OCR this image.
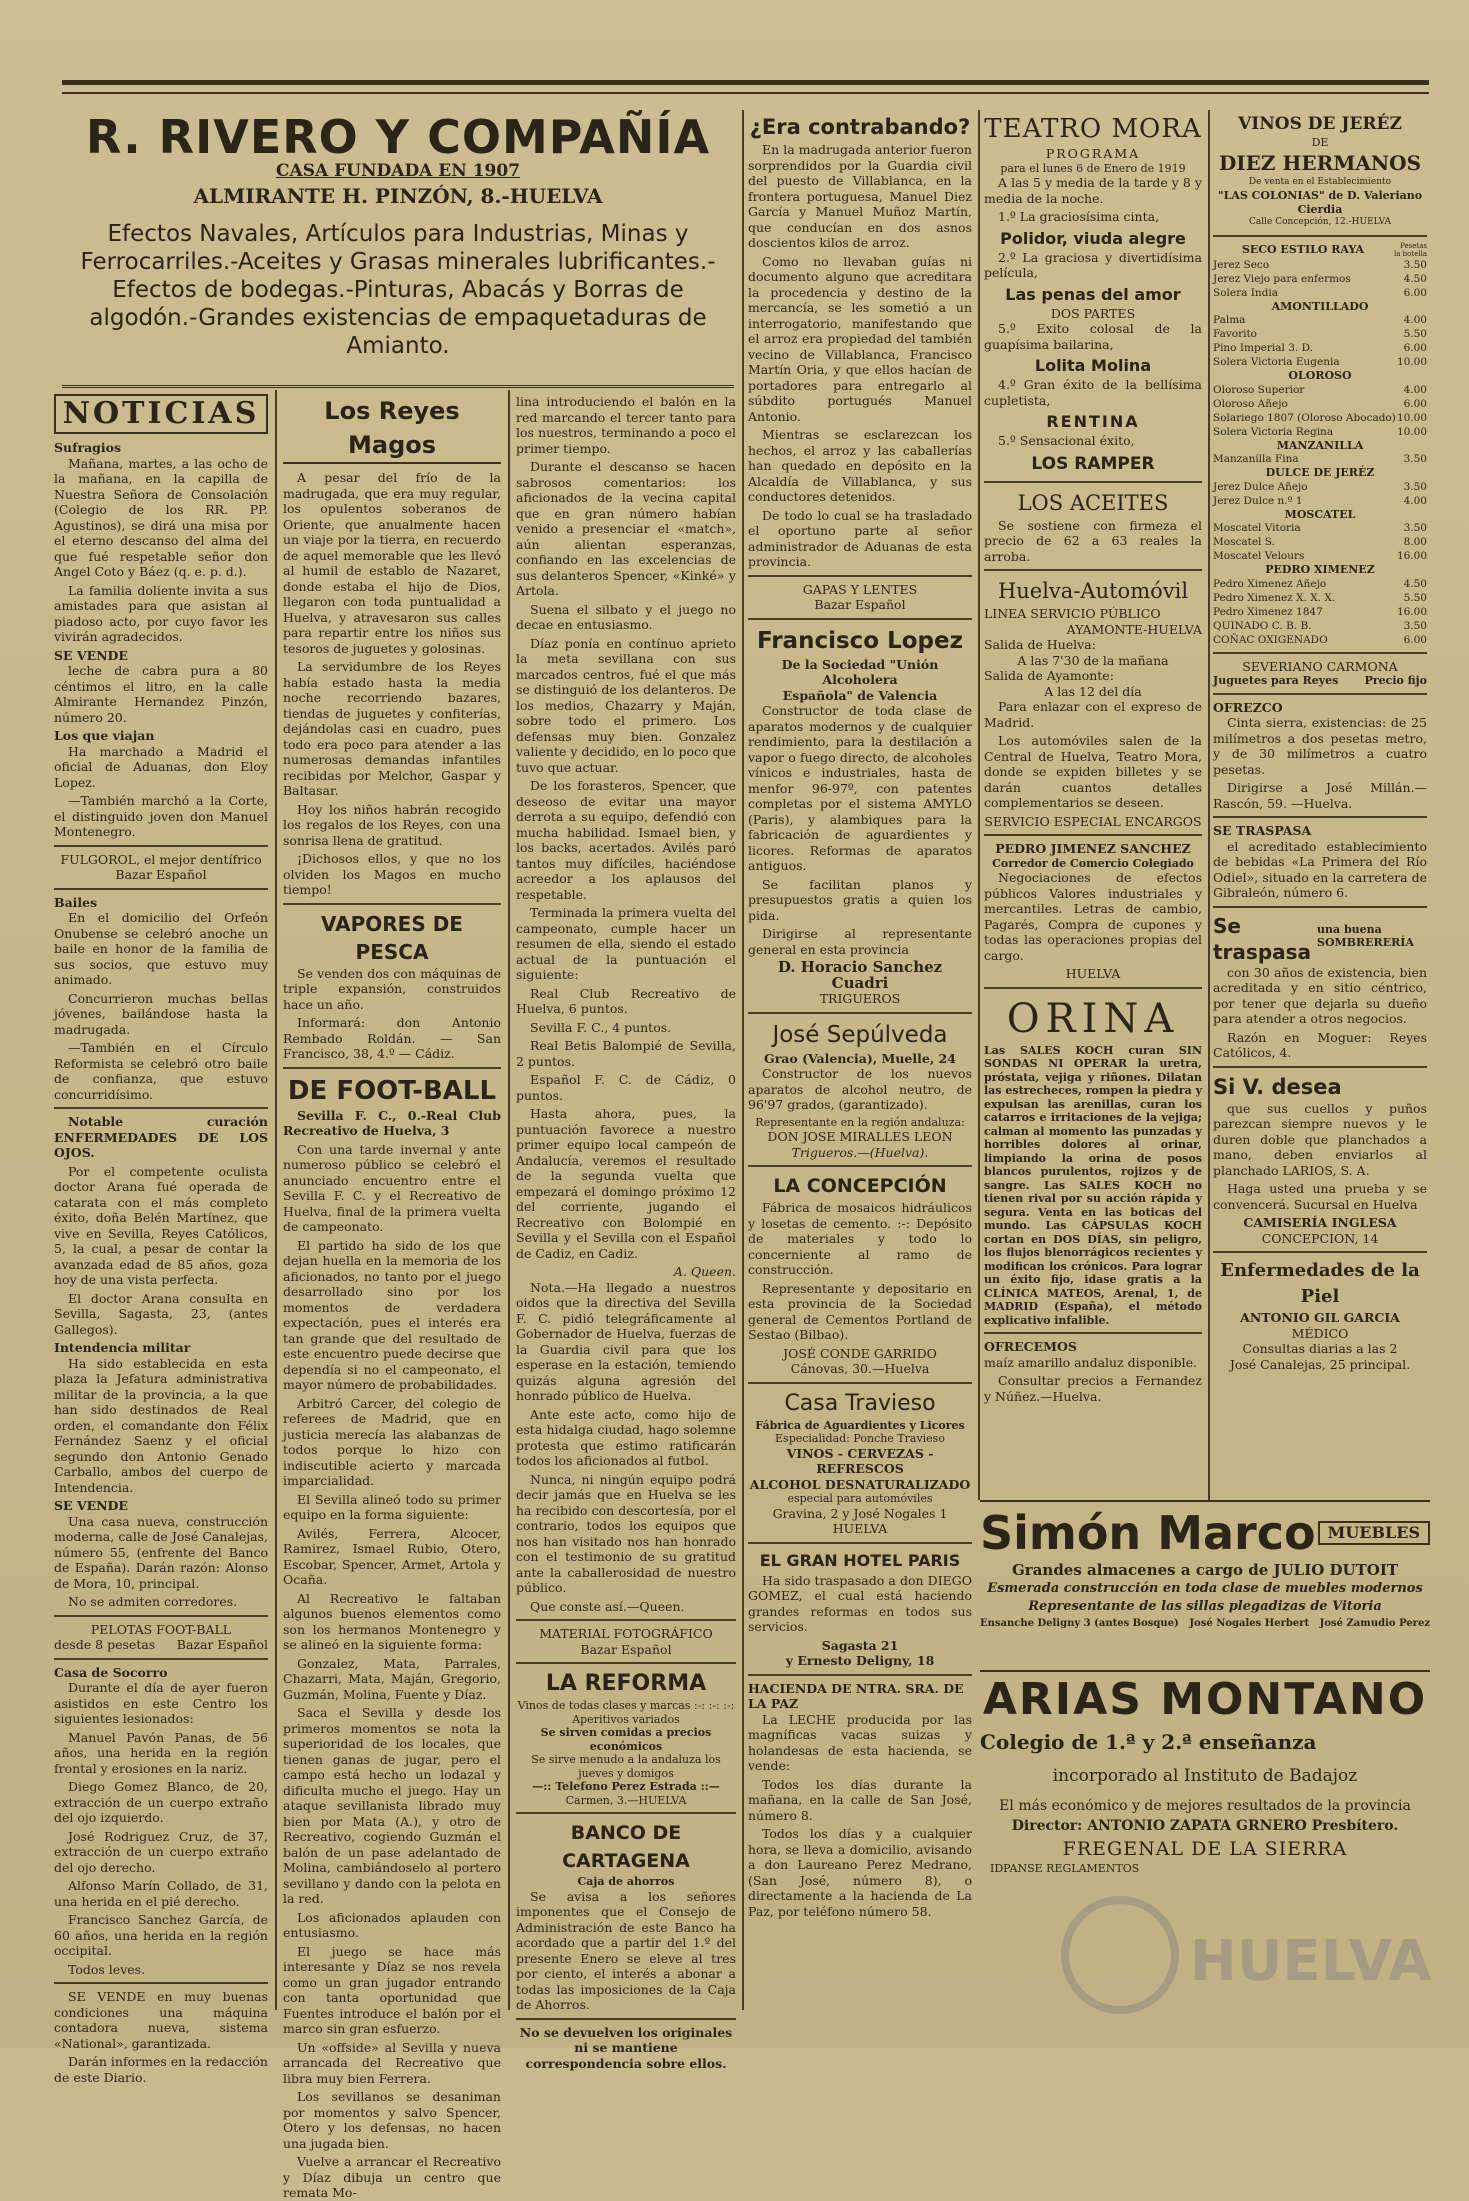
R. RIVERO Y COMPAÑÍA
CASA FUNDADA EN 1907
ALMIRANTE H. PINZÓN, 8.-HUELVA
Efectos Navales, Artículos para Industrias, Minas y Ferrocarriles.-Aceites y Grasas minerales lubrificantes.-Efectos de bodegas.-Pinturas, Abacás y Borras de algodón.-Grandes existencias de empaquetaduras de Amianto.
NOTICIAS
Sufragios

Mañana, martes, a las ocho de la mañana, en la capilla de Nuestra Señora de Consolación (Colegio de los RR. PP. Agustinos), se dirá una misa por el eterno descanso del alma del que fué respetable señor don Angel Coto y Báez (q. e. p. d.).

La familia doliente invita a sus amistades para que asistan al piadoso acto, por cuyo favor les vivirán agradecidos.

SE VENDE

leche de cabra pura a 80 céntimos el litro, en la calle Almirante Hernandez Pinzón, número 20.

Los que viajan

Ha marchado a Madrid el oficial de Aduanas, don Eloy Lopez.

—También marchó a la Corte, el distinguido joven don Manuel Montenegro.

FULGOROL, el mejor dentífrico
Bazar Español
Bailes

En el domicilio del Orfeón Onubense se celebró anoche un baile en honor de la familia de sus socios, que estuvo muy animado.

Concurrieron muchas bellas jóvenes, bailándose hasta la madrugada.

—También en el Círculo Reformista se celebró otro baile de confianza, que estuvo concurridísimo.

Notable curación ENFERMEDADES DE LOS OJOS.

Por el competente oculista doctor Arana fué operada de catarata con el más completo éxito, doña Belén Martínez, que vive en Sevilla, Reyes Católicos, 5, la cual, a pesar de contar la avanzada edad de 85 años, goza hoy de una vista perfecta.

El doctor Arana consulta en Sevilla, Sagasta, 23, (antes Gallegos).

Intendencia militar

Ha sido establecida en esta plaza la Jefatura administrativa militar de la provincia, a la que han sido destinados de Real orden, el comandante don Félix Fernández Saenz y el oficial segundo don Antonio Genado Carballo, ambos del cuerpo de Intendencia.

SE VENDE

Una casa nueva, construcción moderna, calle de José Canalejas, número 55, (enfrente del Banco de España). Darán razón: Alonso de Mora, 10, principal.

No se admiten corredores.

PELOTAS FOOT-BALL
desde 8 pesetas Bazar Español
Casa de Socorro

Durante el día de ayer fueron asistidos en este Centro los siguientes lesionados:

Manuel Pavón Panas, de 56 años, una herida en la región frontal y erosiones en la nariz.

Diego Gomez Blanco, de 20, extracción de un cuerpo extraño del ojo izquierdo.

José Rodriguez Cruz, de 37, extracción de un cuerpo extraño del ojo derecho.

Alfonso Marín Collado, de 31, una herida en el pié derecho.

Francisco Sanchez García, de 60 años, una herida en la región occipital.

Todos leves.

SE VENDE en muy buenas condiciones una máquina contadora nueva, sistema «National», garantizada.

Darán informes en la redacción de este Diario.

Los Reyes Magos

A pesar del frío de la madrugada, que era muy regular, los opulentos soberanos de Oriente, que anualmente hacen un viaje por la tierra, en recuerdo de aquel memorable que les llevó al humil de establo de Nazaret, donde estaba el hijo de Dios, llegaron con toda puntualidad a Huelva, y atravesaron sus calles para repartir entre los niños sus tesoros de juguetes y golosinas.

La servidumbre de los Reyes había estado hasta la media noche recorriendo bazares, tiendas de juguetes y confiterías, dejándolas casi en cuadro, pues todo era poco para atender a las numerosas demandas infantiles recibidas por Melchor, Gaspar y Baltasar.

Hoy los niños habrán recogido los regalos de los Reyes, con una sonrisa llena de gratitud.

¡Dichosos ellos, y que no los olviden los Magos en mucho tiempo!

VAPORES DE PESCA

Se venden dos con máquinas de triple expansión, construidos hace un año.

Informará: don Antonio Rembado Roldán. — San Francisco, 38, 4.º — Cádiz.

DE FOOT-BALL

Sevilla F. C., 0.-Real Club Recreativo de Huelva, 3

Con una tarde invernal y ante numeroso público se celebró el anunciado encuentro entre el Sevilla F. C. y el Recreativo de Huelva, final de la primera vuelta de campeonato.

El partido ha sido de los que dejan huella en la memoria de los aficionados, no tanto por el juego desarrollado sino por los momentos de verdadera expectación, pues el interés era tan grande que del resultado de este encuentro puede decirse que dependía si no el campeonato, el mayor número de probabilidades.

Arbitró Carcer, del colegio de referees de Madrid, que en justicia merecía las alabanzas de todos porque lo hizo con indiscutible acierto y marcada imparcialidad.

El Sevilla alineó todo su primer equipo en la forma siguiente:

Avilés, Ferrera, Alcocer, Ramirez, Ismael Rubio, Otero, Escobar, Spencer, Armet, Artola y Ocaña.

Al Recreativo le faltaban algunos buenos elementos como son los hermanos Montenegro y se alineó en la siguiente forma:

Gonzalez, Mata, Parrales, Chazarri, Mata, Maján, Gregorio, Guzmán, Molina, Fuente y Díaz.

Saca el Sevilla y desde los primeros momentos se nota la superioridad de los locales, que tienen ganas de jugar, pero el campo está hecho un lodazal y dificulta mucho el juego. Hay un ataque sevillanista librado muy bien por Mata (A.), y otro de Recreativo, cogiendo Guzmán el balón de un pase adelantado de Molina, cambiándoselo al portero sevillano y dando con la pelota en la red.

Los aficionados aplauden con entusiasmo.

El juego se hace más interesante y Díaz se nos revela como un gran jugador entrando con tanta oportunidad que Fuentes introduce el balón por el marco sin gran esfuerzo.

Un «offside» al Sevilla y nueva arrancada del Recreativo que libra muy bien Ferrera.

Los sevillanos se desaniman por momentos y salvo Spencer, Otero y los defensas, no hacen una jugada bien.

Vuelve a arrancar el Recreativo y Díaz dibuja un centro que remata Mo-

lina introduciendo el balón en la red marcando el tercer tanto para los nuestros, terminando a poco el primer tiempo.

Durante el descanso se hacen sabrosos comentarios: los aficionados de la vecina capital que en gran número habían venido a presenciar el «match», aún alientan esperanzas, confiando en las excelencias de sus delanteros Spencer, «Kinké» y Artola.

Suena el silbato y el juego no decae en entusiasmo.

Díaz ponía en contínuo aprieto la meta sevillana con sus marcados centros, fué el que más se distinguió de los delanteros. De los medios, Chazarry y Maján, sobre todo el primero. Los defensas muy bien. Gonzalez valiente y decidido, en lo poco que tuvo que actuar.

De los forasteros, Spencer, que deseoso de evitar una mayor derrota a su equipo, defendió con mucha habilidad. Ismael bien, y los backs, acertados. Avilés paró tantos muy difíciles, haciéndose acreedor a los aplausos del respetable.

Terminada la primera vuelta del campeonato, cumple hacer un resumen de ella, siendo el estado actual de la puntuación el siguiente:

Real Club Recreativo de Huelva, 6 puntos.

Sevilla F. C., 4 puntos.

Real Betis Balompié de Sevilla, 2 puntos.

Español F. C. de Cádiz, 0 puntos.

Hasta ahora, pues, la puntuación favorece a nuestro primer equipo local campeón de Andalucía, veremos el resultado de la segunda vuelta que empezará el domingo próximo 12 del corriente, jugando el Recreativo con Bolompié en Sevilla y el Sevilla con el Español de Cadiz, en Cadiz.

A. Queen.

Nota.—Ha llegado a nuestros oidos que la directiva del Sevilla F. C. pidió telegráficamente al Gobernador de Huelva, fuerzas de la Guardia civil para que los esperase en la estación, temiendo quizás alguna agresión del honrado público de Huelva.

Ante este acto, como hijo de esta hidalga ciudad, hago solemne protesta que estimo ratificarán todos los aficionados al futbol.

Nunca, ni ningún equipo podrá decir jamás que en Huelva se les ha recibido con descortesía, por el contrario, todos los equipos que nos han visitado nos han honrado con el testimonio de su gratitud ante la caballerosidad de nuestro público.

Que conste así.—Queen.

MATERIAL FOTOGRÁFICO
Bazar Español
LA REFORMA
Vinos de todas clases y marcas :-: :-: :-: Aperitivos variados
Se sirven comidas a precios económicos
Se sirve menudo a la andaluza los jueves y domigos
—:: Telefono Perez Estrada ::—
Carmen, 3.—HUELVA
BANCO DE CARTAGENA
Caja de ahorros

Se avisa a los señores imponentes que el Consejo de Administración de este Banco ha acordado que a partir del 1.º del presente Enero se eleve al tres por ciento, el interés a abonar a todas las imposiciones de la Caja de Ahorros.

No se devuelven los originales ni se mantiene correspondencia sobre ellos.

¿Era contrabando?

En la madrugada anterior fueron sorprendidos por la Guardia civil del puesto de Villablanca, en la frontera portuguesa, Manuel Diez García y Manuel Muñoz Martín, que conducían en dos asnos doscientos kilos de arroz.

Como no llevaban guías ni documento alguno que acreditara la procedencia y destino de la mercancía, se les sometió a un interrogatorio, manifestando que el arroz era propiedad del también vecino de Villablanca, Francisco Martín Oria, y que ellos hacían de portadores para entregarlo al súbdito portugués Manuel Antonio.

Mientras se esclarezcan los hechos, el arroz y las caballerías han quedado en depósito en la Alcaldía de Villablanca, y sus conductores detenidos.

De todo lo cual se ha trasladado el oportuno parte al señor administrador de Aduanas de esta provincia.

GAPAS Y LENTES
Bazar Español
Francisco Lopez
De la Sociedad "Unión Alcoholera
Española" de Valencia

Constructor de toda clase de aparatos modernos y de cualquier rendimiento, para la destilación a vapor o fuego directo, de alcoholes vínicos e industriales, hasta de menfor 96-97º, con patentes completas por el sistema AMYLO (Paris), y alambiques para la fabricación de aguardientes y licores. Reformas de aparatos antiguos.

Se facilitan planos y presupuestos gratis a quien los pida.

Dirigirse al representante general en esta provincia

D. Horacio Sanchez Cuadri
TRIGUEROS
José Sepúlveda
Grao (Valencia), Muelle, 24

Constructor de los nuevos aparatos de alcohol neutro, de 96'97 grados, (garantizado).

Representante en la región andaluza:
DON JOSE MIRALLES LEON
Trigueros.—(Huelva).
LA CONCEPCIÓN

Fábrica de mosaicos hidráulicos y losetas de cemento. :-: Depósito de materiales y todo lo concerniente al ramo de construcción.

Representante y depositario en esta provincia de la Sociedad general de Cementos Portland de Sestao (Bilbao).

JOSÉ CONDE GARRIDO
Cánovas, 30.—Huelva
Casa Travieso
Fábrica de Aguardientes y Licores
Especialidad: Ponche Travieso
VINOS - CERVEZAS - REFRESCOS
ALCOHOL DESNATURALIZADO
especial para automóviles
Gravina, 2 y José Nogales 1
HUELVA
EL GRAN HOTEL PARIS

Ha sido traspasado a don DIEGO GOMEZ, el cual está haciendo grandes reformas en todos sus servicios.

Sagasta 21
y Ernesto Deligny, 18
HACIENDA DE NTRA. SRA. DE LA PAZ

La LECHE producida por las magníficas vacas suizas y holandesas de esta hacienda, se vende:

Todos los días durante la mañana, en la calle de San José, número 8.

Todos los días y a cualquier hora, se lleva a domicilio, avisando a don Laureano Perez Medrano, (San José, número 8), o directamente a la hacienda de La Paz, por teléfono número 58.

TEATRO MORA
PROGRAMA
para el lunes 6 de Enero de 1919

A las 5 y media de la tarde y 8 y media de la noche.

1.º La graciosísima cinta,

Polidor, viuda alegre

2.º La graciosa y divertidísima película,

Las penas del amor
DOS PARTES

5.º Exito colosal de la guapísima bailarina,

Lolita Molina

4.º Gran éxito de la bellísima cupletista,

RENTINA

5.º Sensacional éxito,

LOS RAMPER
LOS ACEITES

Se sostiene con firmeza el precio de 62 a 63 reales la arroba.

Huelva-Automóvil
LINEA SERVICIO PÚBLICO
AYAMONTE-HUELVA
Salida de Huelva:
A las 7'30 de la mañana
Salida de Ayamonte:
A las 12 del día

Para enlazar con el expreso de Madrid.

Los automóviles salen de la Central de Huelva, Teatro Mora, donde se expiden billetes y se darán cuantos detalles complementarios se deseen.

SERVICIO ESPECIAL ENCARGOS
PEDRO JIMENEZ SANCHEZ
Corredor de Comercio Colegiado

Negociaciones de efectos públicos Valores industriales y mercantiles. Letras de cambio, Pagarés, Compra de cupones y todas las operaciones propias del cargo.

HUELVA
ORINA

Las SALES KOCH curan SIN SONDAS NI OPERAR la uretra, próstata, vejiga y riñones. Dilatan las estrecheces, rompen la piedra y expulsan las arenillas, curan los catarros e irritaciones de la vejiga; calman al momento las punzadas y horribles dolores al orinar, limpiando la orina de posos blancos purulentos, rojizos y de sangre. Las SALES KOCH no tienen rival por su acción rápida y segura. Venta en las boticas del mundo. Las CÁPSULAS KOCH cortan en DOS DÍAS, sin peligro, los flujos blenorrágicos recientes y modifican los crónicos. Para lograr un éxito fijo, idase gratis a la CLÍNICA MATEOS, Arenal, 1, de MADRID (España), el método explicativo infalible.

OFRECEMOS

maíz amarillo andaluz disponible.

Consultar precios a Fernandez y Núñez.—Huelva.

VINOS DE JERÉZ
DE
DIEZ HERMANOS
De venta en el Establecimiento
"LAS COLONIAS" de D. Valeriano Cierdia
Calle Concepción, 12.-HUELVA
SECO ESTILO RAYA	Pesetas la botella
Jerez Seco	3.50
Jerez Viejo para enfermos	4.50
Solera India	6.00
AMONTILLADO
Palma	4.00
Favorito	5.50
Pino Imperial 3. D.	6.00
Solera Victoria Eugenia	10.00
OLOROSO
Oloroso Superior	4.00
Oloroso Añejo	6.00
Solariego 1807 (Oloroso Abocado) 10.00
Solera Victoria Regina	10.00
MANZANILLA
Manzanilla Fina	3.50
DULCE DE JERÉZ
Jerez Dulce Añejo	3.50
Jerez Dulce n.º 1	4.00
MOSCATEL
Moscatel Vitoria	3.50
Moscatel S.	8.00
Moscatel Velours	16.00
PEDRO XIMENEZ
Pedro Ximenez Añejo	4.50
Pedro Ximenez X. X. X.	5.50
Pedro Ximenez 1847	16.00
QUINADO C. B. B.	3.50
COÑAC OXIGENADO	6.00
SEVERIANO CARMONA
Juguetes para Reyes Precio fijo
OFREZCO

Cinta sierra, existencias: de 25 milímetros a dos pesetas metro, y de 30 milímetros a cuatro pesetas.

Dirigirse a José Millán.—Rascón, 59. —Huelva.

SE TRASPASA

el acreditado establecimiento de bebidas «La Primera del Río Odiel», situado en la carretera de Gibraleón, número 6.

Se traspasa
una buena SOMBRERERÍA

con 30 años de existencia, bien acreditada y en sitio céntrico, por tener que dejarla su dueño para atender a otros negocios.

Razón en Moguer: Reyes Católicos, 4.

Si V. desea

que sus cuellos y puños parezcan siempre nuevos y le duren doble que planchados a mano, deben enviarlos al planchado LARIOS, S. A.

Haga usted una prueba y se convencerá. Sucursal en Huelva

CAMISERÍA INGLESA
CONCEPCION, 14
Enfermedades de la Piel
ANTONIO GIL GARCIA
MÉDICO
Consultas diarias a las 2
José Canalejas, 25 principal.
Simón Marco MUEBLES
Grandes almacenes a cargo de JULIO DUTOIT
Esmerada construcción en toda clase de muebles modernos
Representante de las sillas plegadizas de Vitoria
Ensanche Deligny 3 (antes Bosque) José Nogales Herbert José Zamudio Perez
ARIAS MONTANO
Colegio de 1.ª y 2.ª enseñanza
incorporado al Instituto de Badajoz
El más económico y de mejores resultados de la provincia
Director: ANTONIO ZAPATA GRNERO Presbítero.
FREGENAL DE LA SIERRA
IDPANSE REGLAMENTOS
HUELVA
